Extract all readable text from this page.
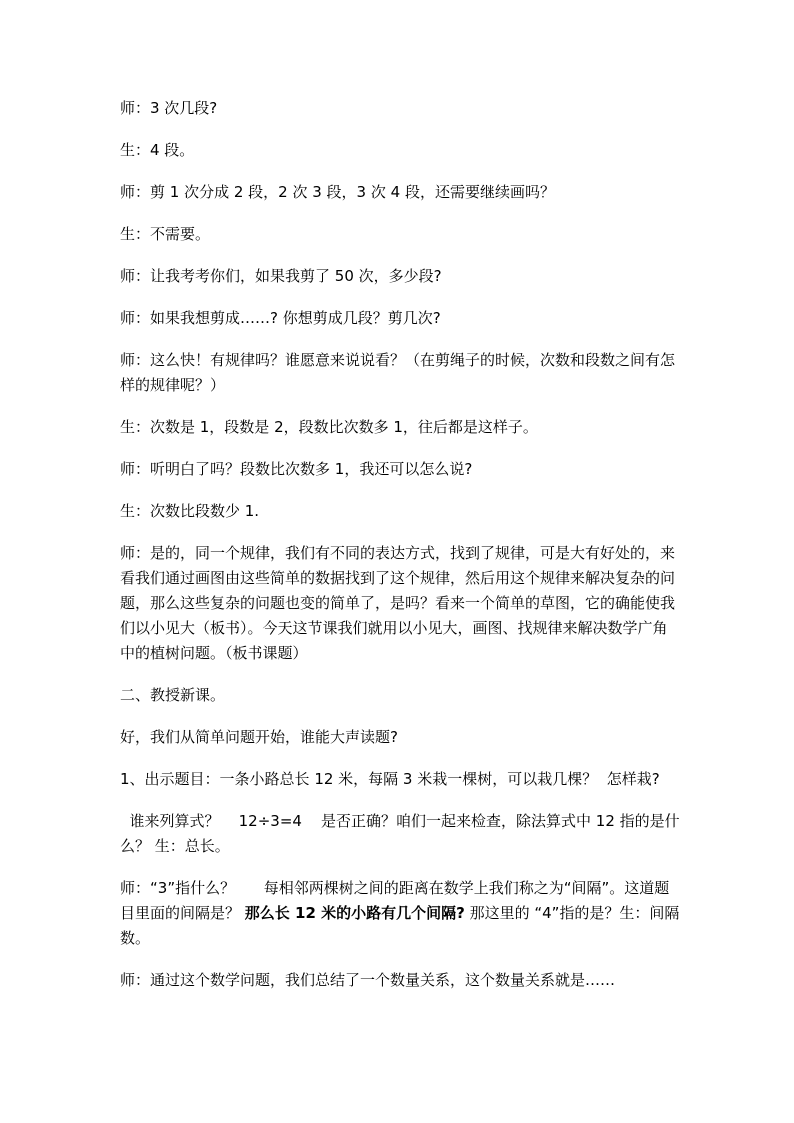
师：3 次几段?

生：4 段。

师：剪 1 次分成 2 段，2 次 3 段，3 次 4 段，还需要继续画吗？

生：不需要。

师：让我考考你们，如果我剪了 50 次，多少段?

师：如果我想剪成……? 你想剪成几段？剪几次?

师：这么快！有规律吗？谁愿意来说说看？（在剪绳子的时候，次数和段数之间有怎样的规律呢？）

生：次数是 1，段数是 2，段数比次数多 1，往后都是这样子。

师：听明白了吗？段数比次数多 1，我还可以怎么说?

生：次数比段数少 1.

师：是的，同一个规律，我们有不同的表达方式，找到了规律，可是大有好处的，来看我们通过画图由这些简单的数据找到了这个规律，然后用这个规律来解决复杂的问题，那么这些复杂的问题也变的简单了，是吗？看来一个简单的草图，它的确能使我们以小见大（板书）。今天这节课我们就用以小见大，画图、找规律来解决数学广角中的植树问题。（板书课题）

二、教授新课。

好，我们从简单问题开始，谁能大声读题?

1、出示题目：一条小路总长 12 米，每隔 3 米栽一棵树，可以栽几棵？  怎样栽?

谁来列算式？    12÷3=4    是否正确？咱们一起来检查，除法算式中 12 指的是什么？ 生：总长。

师：“3”指什么？      每相邻两棵树之间的距离在数学上我们称之为“间隔”。这道题目里面的间隔是？ 那么长 12 米的小路有几个间隔? 那这里的 “4”指的是？生：间隔数。

师：通过这个数学问题，我们总结了一个数量关系，这个数量关系就是……
